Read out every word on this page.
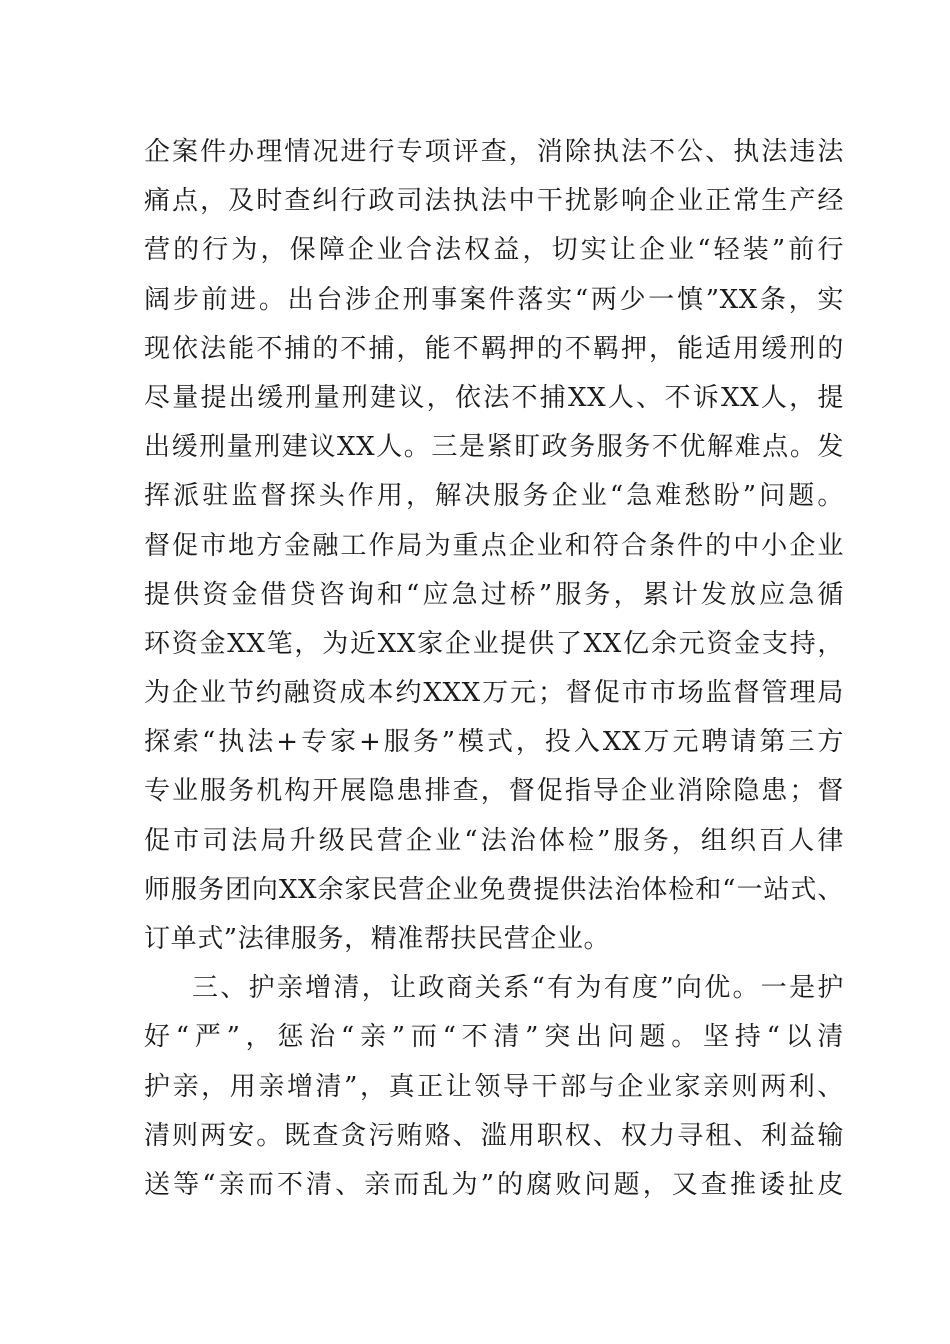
企案件办理情况进行专项评查，消除执法不公、执法违法
痛点，及时查纠行政司法执法中干扰影响企业正常生产经
营的行为，保障企业合法权益，切实让企业“轻装”前行
阔步前进。出台涉企刑事案件落实“两少一慎”XX条，实
现依法能不捕的不捕，能不羁押的不羁押，能适用缓刑的
尽量提出缓刑量刑建议，依法不捕XX人、不诉XX人，提
出缓刑量刑建议XX人。三是紧盯政务服务不优解难点。发
挥派驻监督探头作用，解决服务企业“急难愁盼”问题。
督促市地方金融工作局为重点企业和符合条件的中小企业
提供资金借贷咨询和“应急过桥”服务，累计发放应急循
环资金XX笔，为近XX家企业提供了XX亿余元资金支持，
为企业节约融资成本约XXX万元；督促市市场监督管理局
探索“执法+专家+服务”模式，投入XX万元聘请第三方
专业服务机构开展隐患排查，督促指导企业消除隐患；督
促市司法局升级民营企业“法治体检”服务，组织百人律
师服务团向XX余家民营企业免费提供法治体检和“一站式、
订单式”法律服务，精准帮扶民营企业。
三、护亲增清，让政商关系“有为有度”向优。一是护
好“严”，惩治“亲”而“不清”突出问题。坚持“以清
护亲，用亲增清”，真正让领导干部与企业家亲则两利、
清则两安。既查贪污贿赂、滥用职权、权力寻租、利益输
送等“亲而不清、亲而乱为”的腐败问题，又查推诿扯皮
